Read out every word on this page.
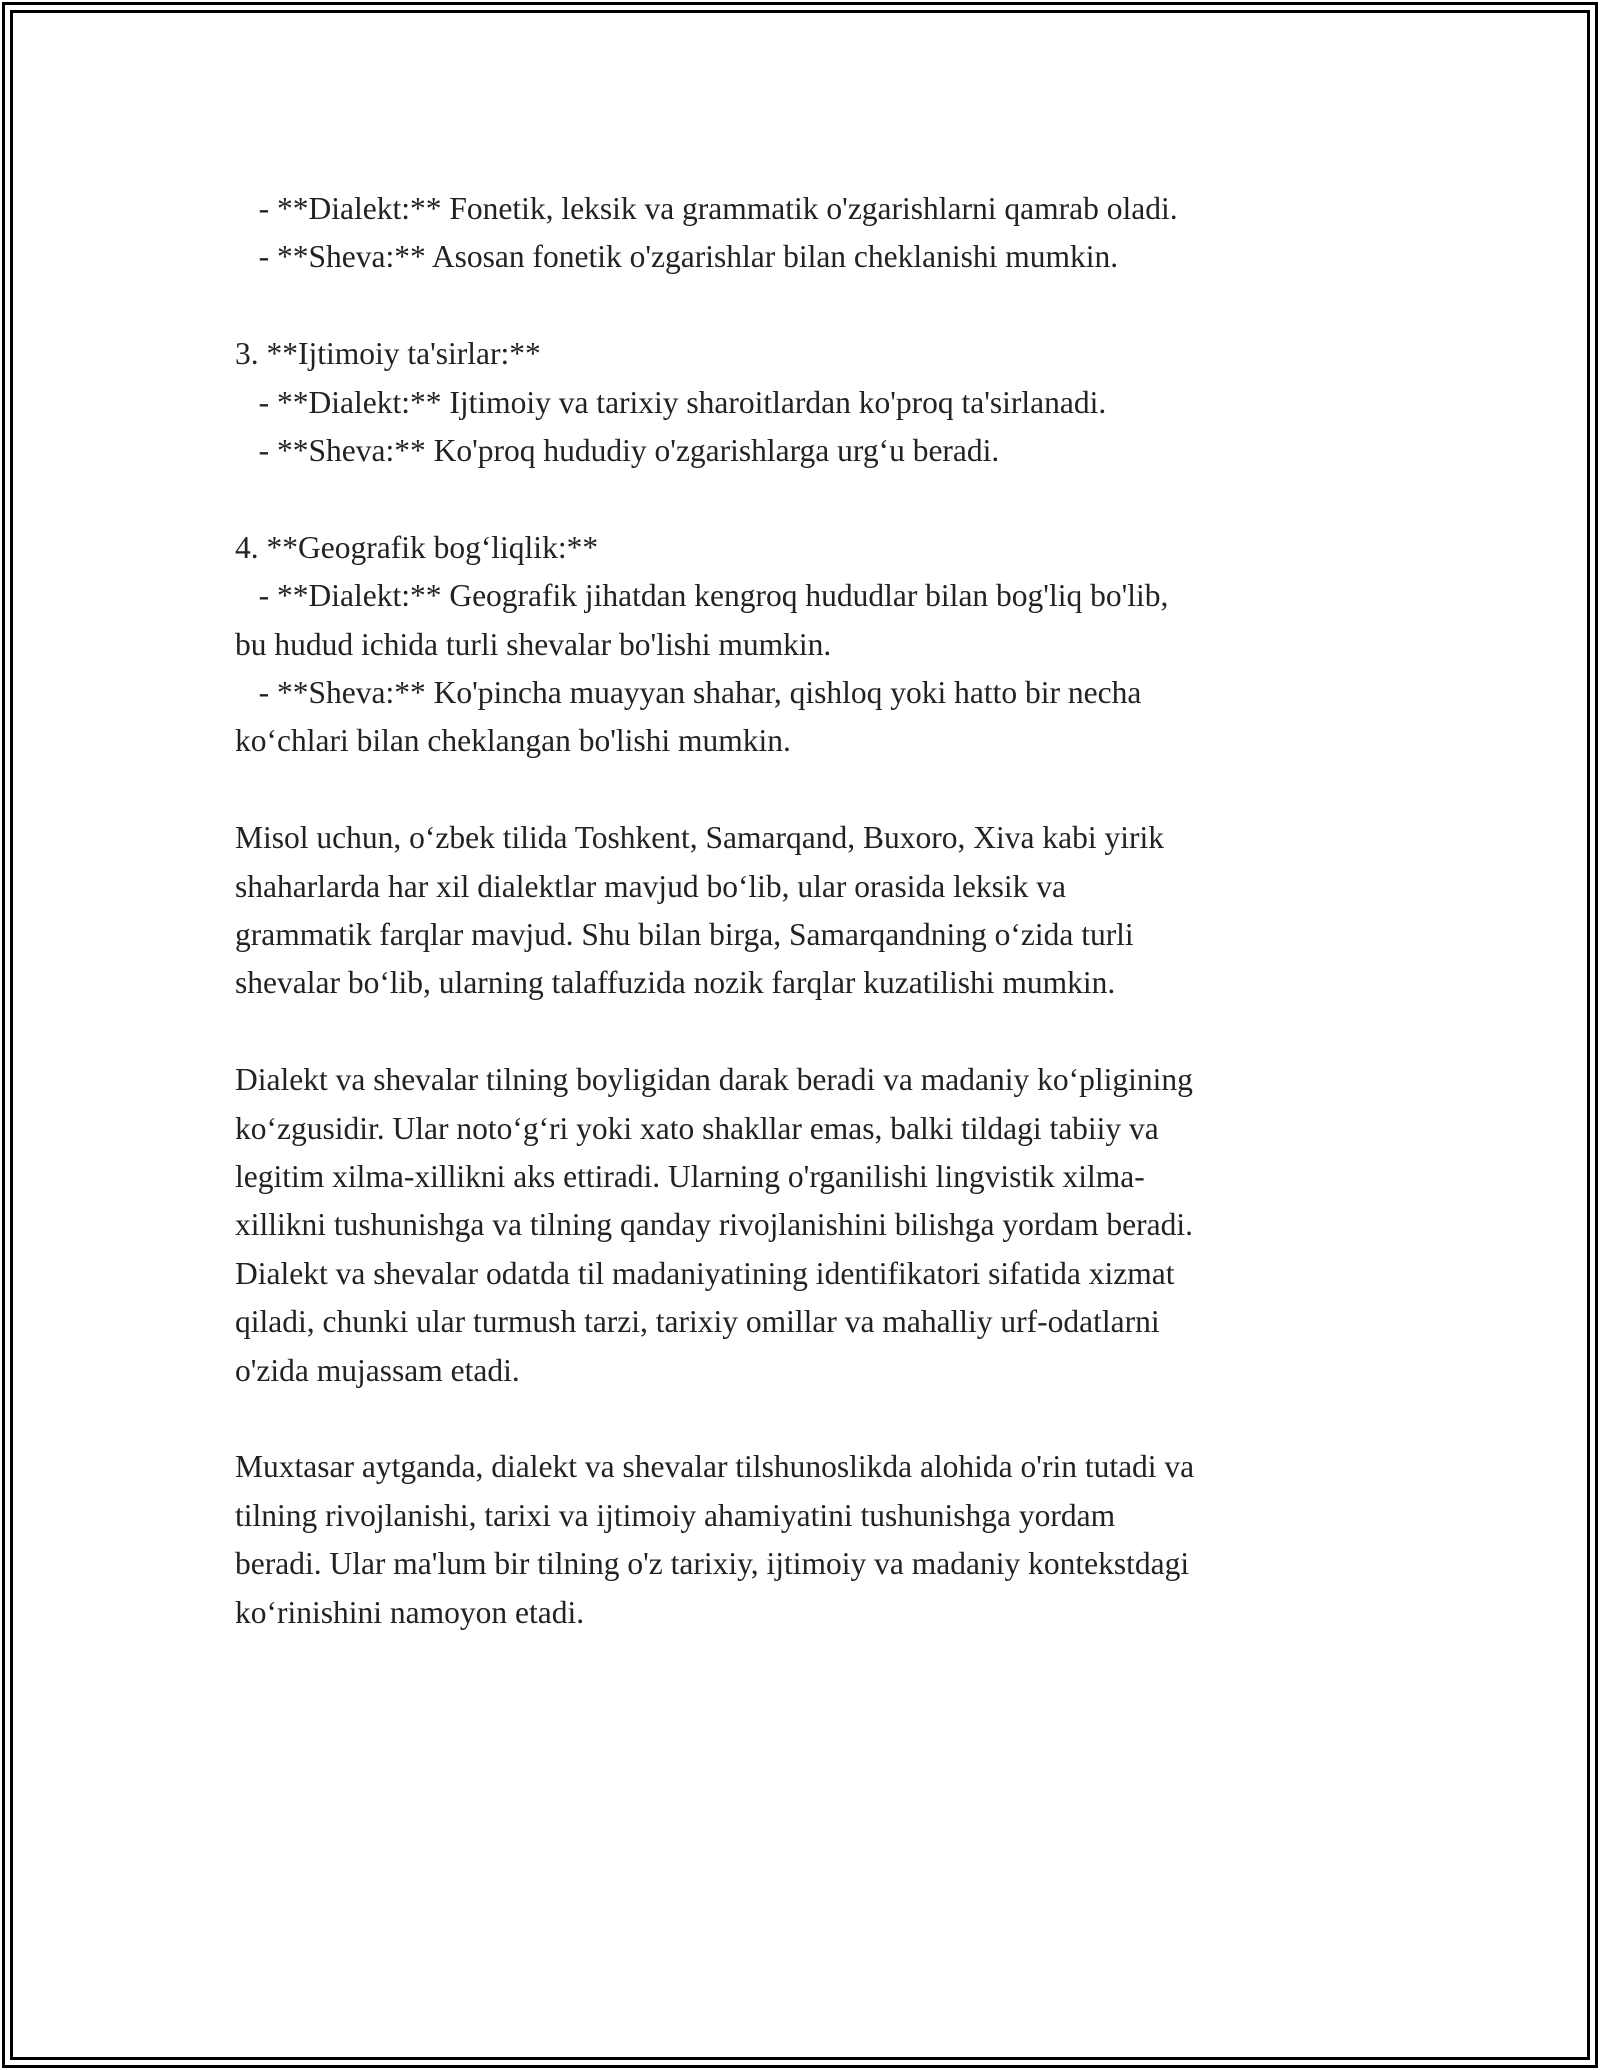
- **Dialekt:** Fonetik, leksik va grammatik o'zgarishlarni qamrab oladi.

- **Sheva:** Asosan fonetik o'zgarishlar bilan cheklanishi mumkin.

3. **Ijtimoiy ta'sirlar:**

- **Dialekt:** Ijtimoiy va tarixiy sharoitlardan ko'proq ta'sirlanadi.

- **Sheva:** Ko'proq hududiy o'zgarishlarga urg‘u beradi.

4. **Geografik bog‘liqlik:**

- **Dialekt:** Geografik jihatdan kengroq hududlar bilan bog'liq bo'lib,

bu hudud ichida turli shevalar bo'lishi mumkin.

- **Sheva:** Ko'pincha muayyan shahar, qishloq yoki hatto bir necha

ko‘chlari bilan cheklangan bo'lishi mumkin.

Misol uchun, o‘zbek tilida Toshkent, Samarqand, Buxoro, Xiva kabi yirik

shaharlarda har xil dialektlar mavjud bo‘lib, ular orasida leksik va

grammatik farqlar mavjud. Shu bilan birga, Samarqandning o‘zida turli

shevalar bo‘lib, ularning talaffuzida nozik farqlar kuzatilishi mumkin.

Dialekt va shevalar tilning boyligidan darak beradi va madaniy ko‘pligining

ko‘zgusidir. Ular noto‘g‘ri yoki xato shakllar emas, balki tildagi tabiiy va

legitim xilma-xillikni aks ettiradi. Ularning o'rganilishi lingvistik xilma-

xillikni tushunishga va tilning qanday rivojlanishini bilishga yordam beradi.

Dialekt va shevalar odatda til madaniyatining identifikatori sifatida xizmat

qiladi, chunki ular turmush tarzi, tarixiy omillar va mahalliy urf-odatlarni

o'zida mujassam etadi.

Muxtasar aytganda, dialekt va shevalar tilshunoslikda alohida o'rin tutadi va

tilning rivojlanishi, tarixi va ijtimoiy ahamiyatini tushunishga yordam

beradi. Ular ma'lum bir tilning o'z tarixiy, ijtimoiy va madaniy kontekstdagi

ko‘rinishini namoyon etadi.
